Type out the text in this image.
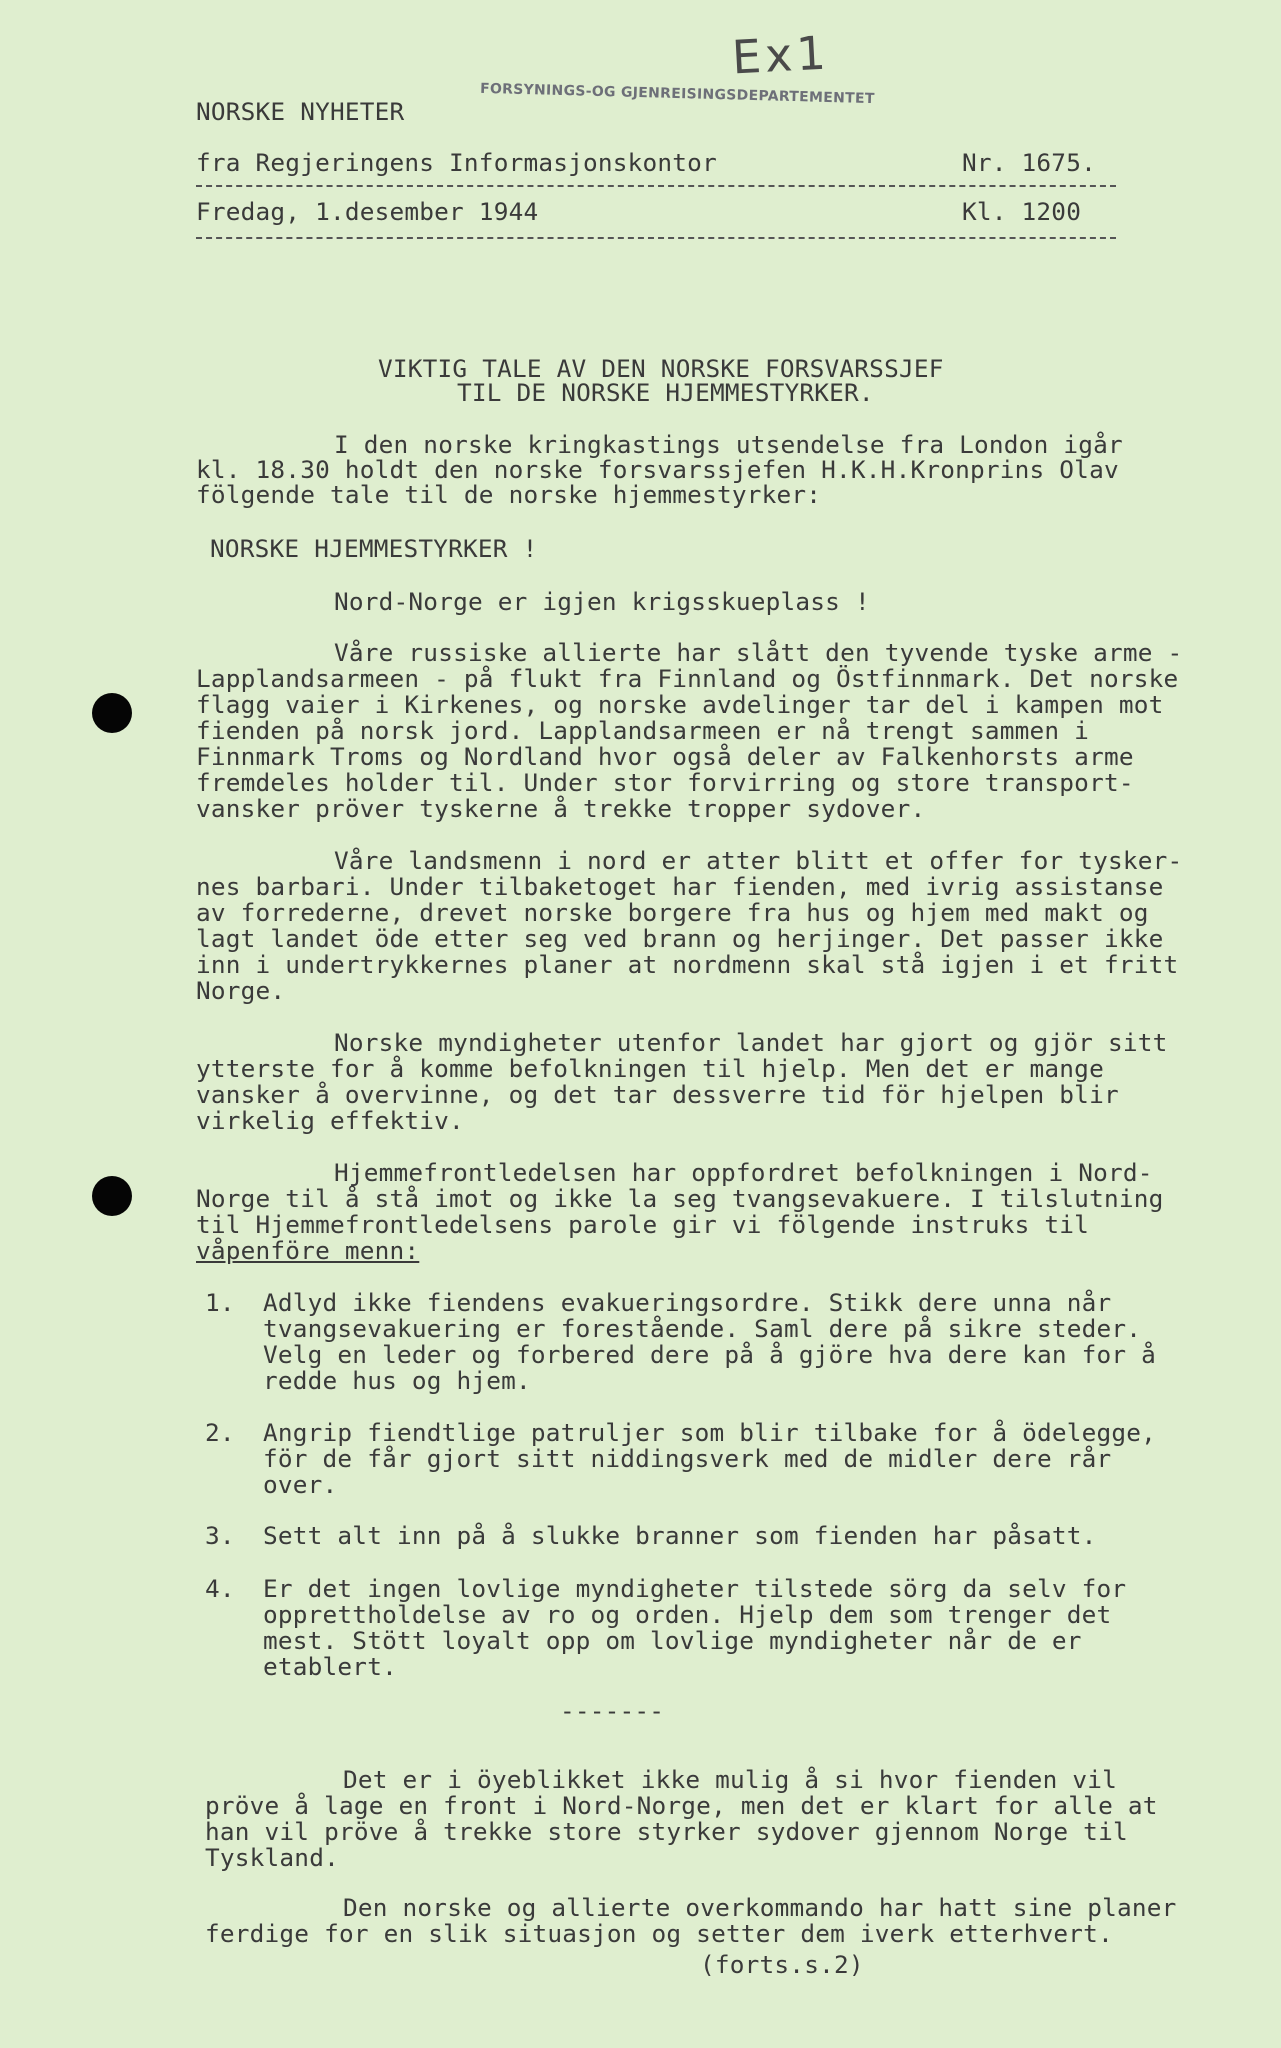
Ex1
FORSYNINGS-OG GJENREISINGSDEPARTEMENTET
NORSKE NYHETER
fra Regjeringens Informasjonskontor	Nr. 1675.
Fredag, 1.desember 1944	Kl. 1200
VIKTIG TALE AV DEN NORSKE FORSVARSSJEF
TIL DE NORSKE HJEMMESTYRKER.
I den norske kringkastings utsendelse fra London igår
kl. 18.30 holdt den norske forsvarssjefen H.K.H.Kronprins Olav
fölgende tale til de norske hjemmestyrker:
NORSKE HJEMMESTYRKER !
Nord-Norge er igjen krigsskueplass !
Våre russiske allierte har slått den tyvende tyske arme -
Lapplandsarmeen - på flukt fra Finnland og Östfinnmark. Det norske
flagg vaier i Kirkenes, og norske avdelinger tar del i kampen mot
fienden på norsk jord. Lapplandsarmeen er nå trengt sammen i
Finnmark Troms og Nordland hvor også deler av Falkenhorsts arme
fremdeles holder til. Under stor forvirring og store transport-
vansker pröver tyskerne å trekke tropper sydover.
Våre landsmenn i nord er atter blitt et offer for tysker-
nes barbari. Under tilbaketoget har fienden, med ivrig assistanse
av forrederne, drevet norske borgere fra hus og hjem med makt og
lagt landet öde etter seg ved brann og herjinger. Det passer ikke
inn i undertrykkernes planer at nordmenn skal stå igjen i et fritt
Norge.
Norske myndigheter utenfor landet har gjort og gjör sitt
ytterste for å komme befolkningen til hjelp. Men det er mange
vansker å overvinne, og det tar dessverre tid för hjelpen blir
virkelig effektiv.
Hjemmefrontledelsen har oppfordret befolkningen i Nord-
Norge til å stå imot og ikke la seg tvangsevakuere. I tilslutning
til Hjemmefrontledelsens parole gir vi fölgende instruks til
våpenföre menn:
1. Adlyd ikke fiendens evakueringsordre. Stikk dere unna når
tvangsevakuering er forestående. Saml dere på sikre steder.
Velg en leder og forbered dere på å gjöre hva dere kan for å
redde hus og hjem.
2. Angrip fiendtlige patruljer som blir tilbake for å ödelegge,
för de får gjort sitt niddingsverk med de midler dere rår
over.
3. Sett alt inn på å slukke branner som fienden har påsatt.
4. Er det ingen lovlige myndigheter tilstede sörg da selv for
opprettholdelse av ro og orden. Hjelp dem som trenger det
mest. Stött loyalt opp om lovlige myndigheter når de er
etablert.
-------
Det er i öyeblikket ikke mulig å si hvor fienden vil
pröve å lage en front i Nord-Norge, men det er klart for alle at
han vil pröve å trekke store styrker sydover gjennom Norge til
Tyskland.
Den norske og allierte overkommando har hatt sine planer
ferdige for en slik situasjon og setter dem iverk etterhvert.
(forts.s.2)
